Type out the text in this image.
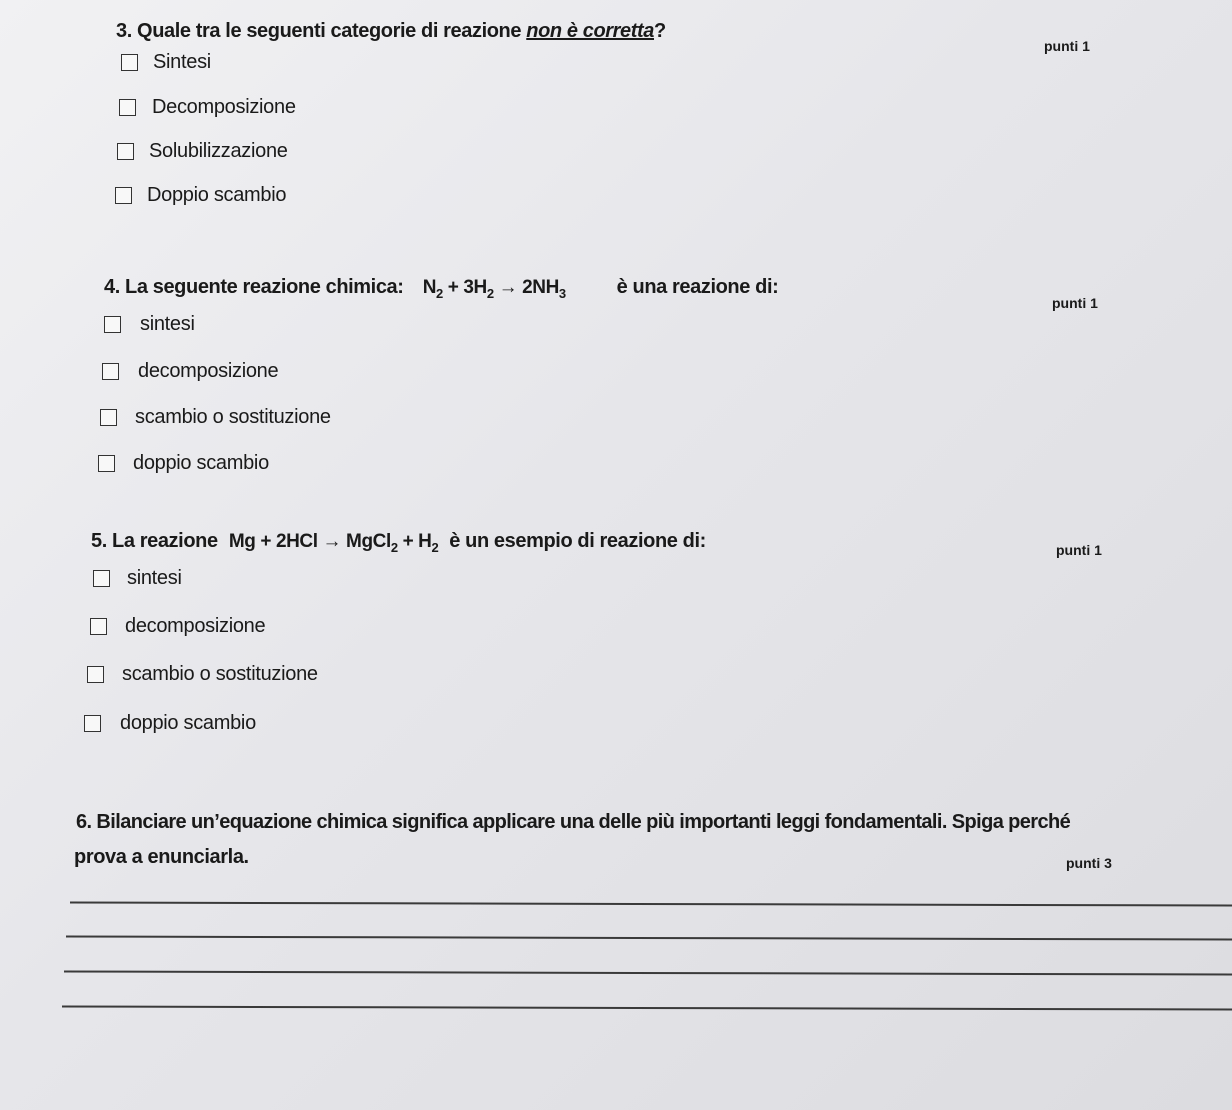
3. Quale tra le seguenti categorie di reazione non è corretta?
punti 1
Sintesi
Decomposizione
Solubilizzazione
Doppio scambio
4. La seguente reazione chimica: $N_2 + 3H_2 \to 2NH_3$	è una reazione di:
punti 1
sintesi
decomposizione
scambio o sostituzione
doppio scambio
5. La reazione Mg + 2HCl → MgCl$_2$ + $H_2$ è un esempio di reazione di:	punti 1
sintesi
decomposizione
scambio o sostituzione
doppio scambio
6. Bilanciare un’equazione chimica significa applicare una delle più importanti leggi fondamentali. Spiga perché
prova a enunciarla.	punti 3
